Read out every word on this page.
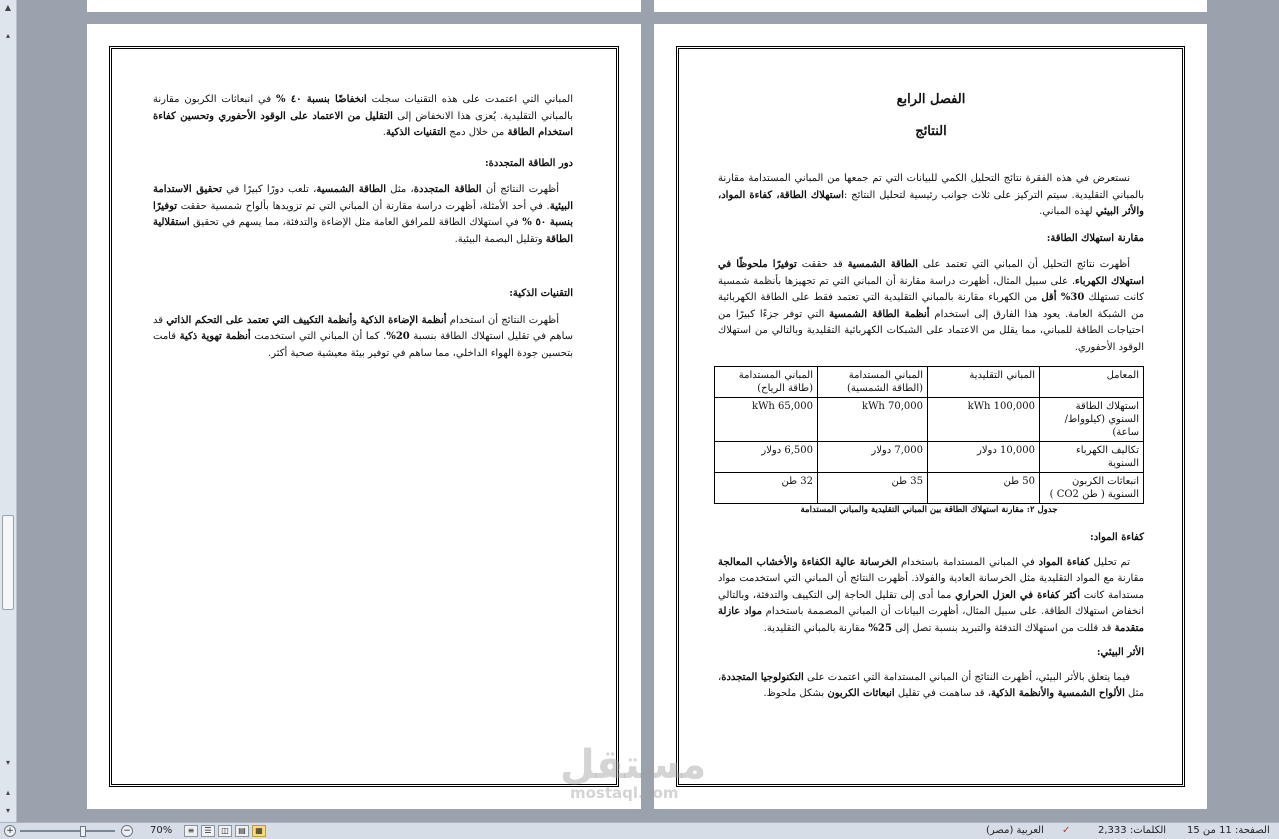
▲
▴
▾
▴
▾

الفصل الرابع

النتائج

نستعرض في هذه الفقرة نتائج التحليل الكمي للبيانات التي تم جمعها من المباني المستدامة مقارنة بالمباني التقليدية. سيتم التركيز على ثلاث جوانب رئيسية لتحليل النتائج :استهلاك الطاقة، كفاءة المواد، والأثر البيئي لهذه المباني.

مقارنة استهلاك الطاقة:

أظهرت نتائج التحليل أن المباني التي تعتمد على الطاقة الشمسية قد حققت توفيرًا ملحوظًا في استهلاك الكهرباء. على سبيل المثال، أظهرت دراسة مقارنة أن المباني التي تم تجهيزها بأنظمة شمسية كانت تستهلك 30% أقل من الكهرباء مقارنة بالمباني التقليدية التي تعتمد فقط على الطاقة الكهربائية من الشبكة العامة. يعود هذا الفارق إلى استخدام أنظمة الطاقة الشمسية التي توفر جزءًا كبيرًا من احتياجات الطاقة للمباني، مما يقلل من الاعتماد على الشبكات الكهربائية التقليدية وبالتالي من استهلاك الوقود الأحفوري.

المعامل	المباني التقليدية	المباني المستدامة (الطاقة الشمسية)	المباني المستدامة (طاقة الرياح)
استهلاك الطاقة السنوي (كيلوواط/ساعة)	100,000 kWh	70,000 kWh	65,000 kWh
تكاليف الكهرباء السنوية	10,000 دولار	7,000 دولار	6,500 دولار
انبعاثات الكربون السنوية ( طن CO2 )	50 طن	35 طن	32 طن

جدول ٢: مقارنة استهلاك الطاقة بين المباني التقليدية والمباني المستدامة

كفاءة المواد:

تم تحليل كفاءة المواد في المباني المستدامة باستخدام الخرسانة عالية الكفاءة والأخشاب المعالجة مقارنة مع المواد التقليدية مثل الخرسانة العادية والفولاذ. أظهرت النتائج أن المباني التي استخدمت مواد مستدامة كانت أكثر كفاءة في العزل الحراري مما أدى إلى تقليل الحاجة إلى التكييف والتدفئة، وبالتالي انخفاض استهلاك الطاقة. على سبيل المثال، أظهرت البيانات أن المباني المصممة باستخدام مواد عازلة متقدمة قد قللت من استهلاك التدفئة والتبريد بنسبة تصل إلى 25% مقارنة بالمباني التقليدية.

الأثر البيئي:

فيما يتعلق بالأثر البيئي، أظهرت النتائج أن المباني المستدامة التي اعتمدت على التكنولوجيا المتجددة، مثل الألواح الشمسية والأنظمة الذكية، قد ساهمت في تقليل انبعاثات الكربون بشكل ملحوظ.

المباني التي اعتمدت على هذه التقنيات سجلت انخفاضًا بنسبة ٤٠ % في انبعاثات الكربون مقارنة بالمباني التقليدية. يُعزى هذا الانخفاض إلى التقليل من الاعتماد على الوقود الأحفوري وتحسين كفاءة استخدام الطاقة من خلال دمج التقنيات الذكية.

دور الطاقة المتجددة:

أظهرت النتائج أن الطاقة المتجددة، مثل الطاقة الشمسية، تلعب دورًا كبيرًا في تحقيق الاستدامة البيئية. في أحد الأمثلة، أظهرت دراسة مقارنة أن المباني التي تم تزويدها بألواح شمسية حققت توفيرًا بنسبة ٥٠ % في استهلاك الطاقة للمرافق العامة مثل الإضاءة والتدفئة، مما يسهم في تحقيق استقلالية الطاقة وتقليل البصمة البيئية.

التقنيات الذكية:

أظهرت النتائج أن استخدام أنظمة الإضاءة الذكية وأنظمة التكييف التي تعتمد على التحكم الذاتي قد ساهم في تقليل استهلاك الطاقة بنسبة 20%. كما أن المباني التي استخدمت أنظمة تهوية ذكية قامت بتحسين جودة الهواء الداخلي، مما ساهم في توفير بيئة معيشية صحية أكثر.

مستقل
mostaql.com
+	− 70%	≡	☰	◫	▤	▦	العربية (مصر) ✓	الكلمات: 2,333 الصفحة: 11 من 15
